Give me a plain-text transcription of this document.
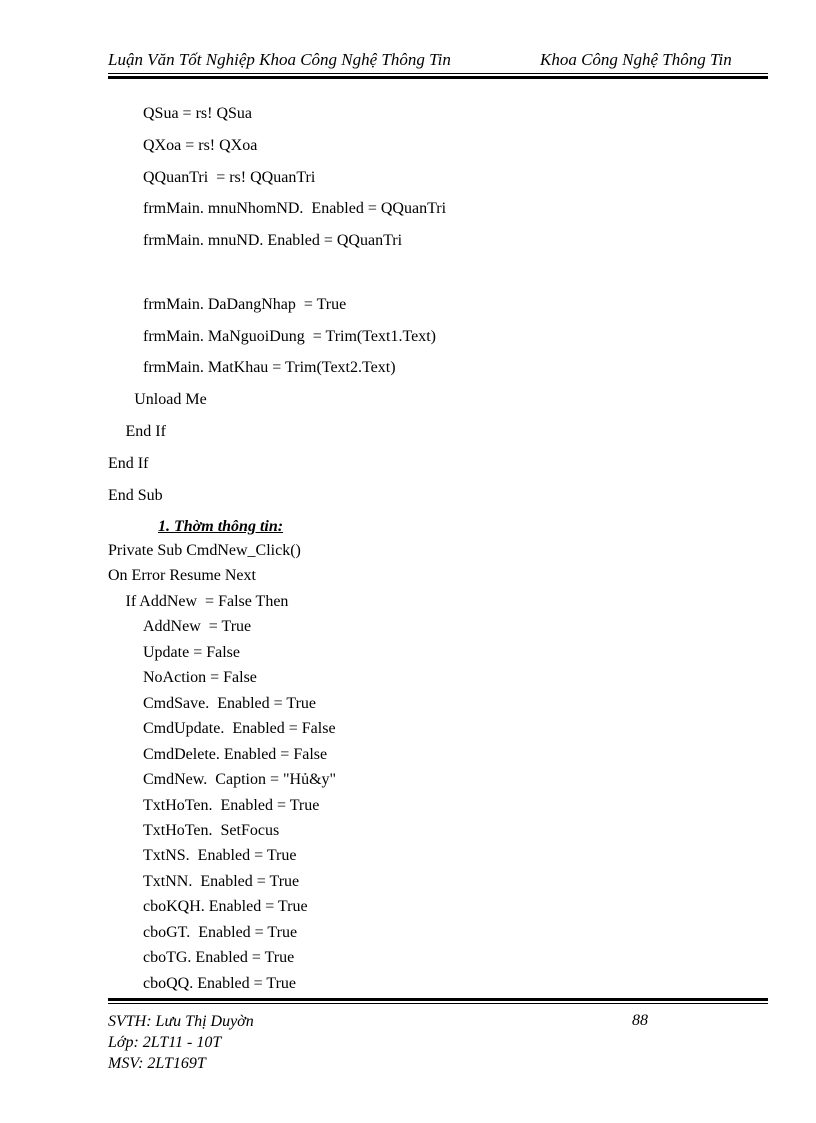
Luận Văn Tốt Nghiệp Khoa Công Nghệ Thông Tin	Khoa Công Nghệ Thông Tin
QSua = rs! QSua
QXoa = rs! QXoa
QQuanTri  = rs! QQuanTri
frmMain. mnuNhomND.  Enabled = QQuanTri
frmMain. mnuND. Enabled = QQuanTri
frmMain. DaDangNhap  = True
frmMain. MaNguoiDung  = Trim(Text1.Text)
frmMain. MatKhau = Trim(Text2.Text)
Unload Me
End If
End If
End Sub
1. Thờm thông tin:
Private Sub CmdNew_Click()
On Error Resume Next
If AddNew  = False Then
AddNew  = True
Update = False
NoAction = False
CmdSave.  Enabled = True
CmdUpdate.  Enabled = False
CmdDelete. Enabled = False
CmdNew.  Caption = "Hủ&y"
TxtHoTen.  Enabled = True
TxtHoTen.  SetFocus
TxtNS.  Enabled = True
TxtNN.  Enabled = True
cboKQH. Enabled = True
cboGT.  Enabled = True
cboTG. Enabled = True
cboQQ. Enabled = True
SVTH: Lưu Thị Duyờn
Lớp: 2LT11 - 10T
MSV: 2LT169T
88
